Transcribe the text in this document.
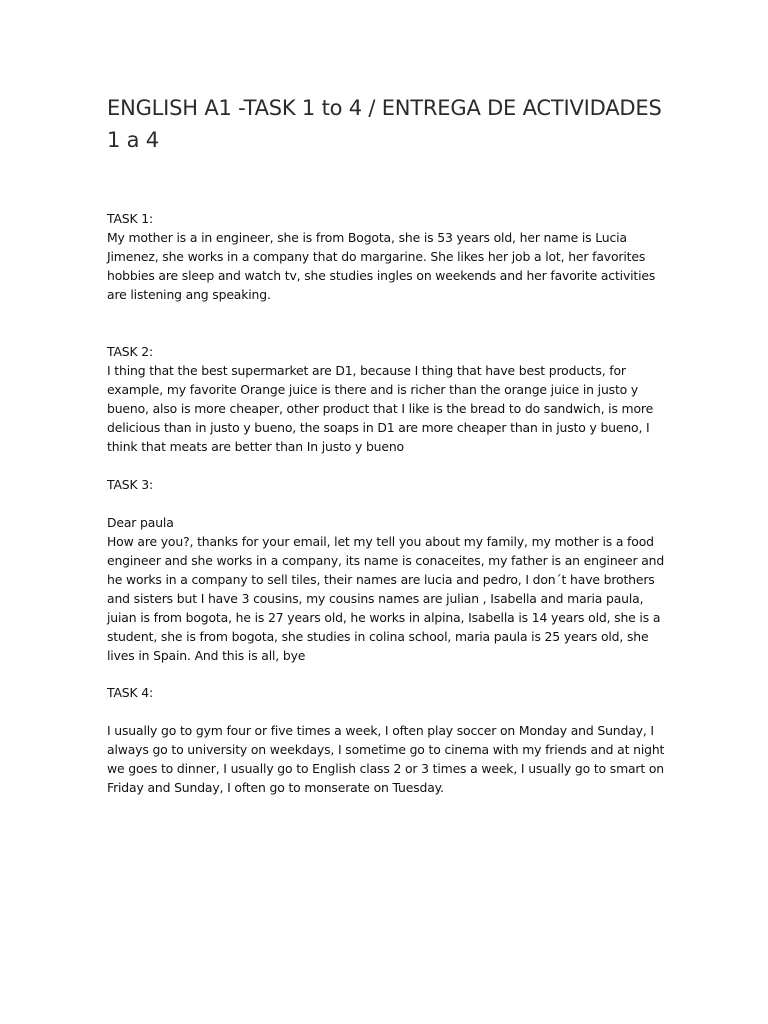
ENGLISH A1 -TASK 1 to 4 / ENTREGA DE ACTIVIDADES 1 a 4
TASK 1:

My mother is a in engineer, she is from Bogota, she is 53 years old, her name is Lucia Jimenez, she works in a company that do margarine. She likes her job a lot, her favorites hobbies are sleep and watch tv, she studies ingles on weekends and her favorite activities are listening ang speaking.

TASK 2:

I thing that the best supermarket are D1, because I thing that have best products, for example, my favorite Orange juice is there and is richer than the orange juice in justo y bueno, also is more cheaper, other product that I like is the bread to do sandwich, is more delicious than in justo y bueno, the soaps in D1 are more cheaper than in justo y bueno, I think that meats are better than In justo y bueno

TASK 3:
Dear paula

How are you?, thanks for your email, let my tell you about my family, my mother is a food engineer and she works in a company, its name is conaceites, my father is an engineer and he works in a company to sell tiles, their names are lucia and pedro, I don´t have brothers and sisters but I have 3 cousins, my cousins names are julian , Isabella and maria paula, juian is from bogota, he is 27 years old, he works in alpina, Isabella is 14 years old, she is a student, she is from bogota, she studies in colina school, maria paula is 25 years old, she lives in Spain. And this is all, bye

TASK 4:

I usually go to gym four or five times a week, I often play soccer on Monday and Sunday, I always go to university on weekdays, I sometime go to cinema with my friends and at night we goes to dinner, I usually go to English class 2 or 3 times a week, I usually go to smart on Friday and Sunday, I often go to monserate on Tuesday.
